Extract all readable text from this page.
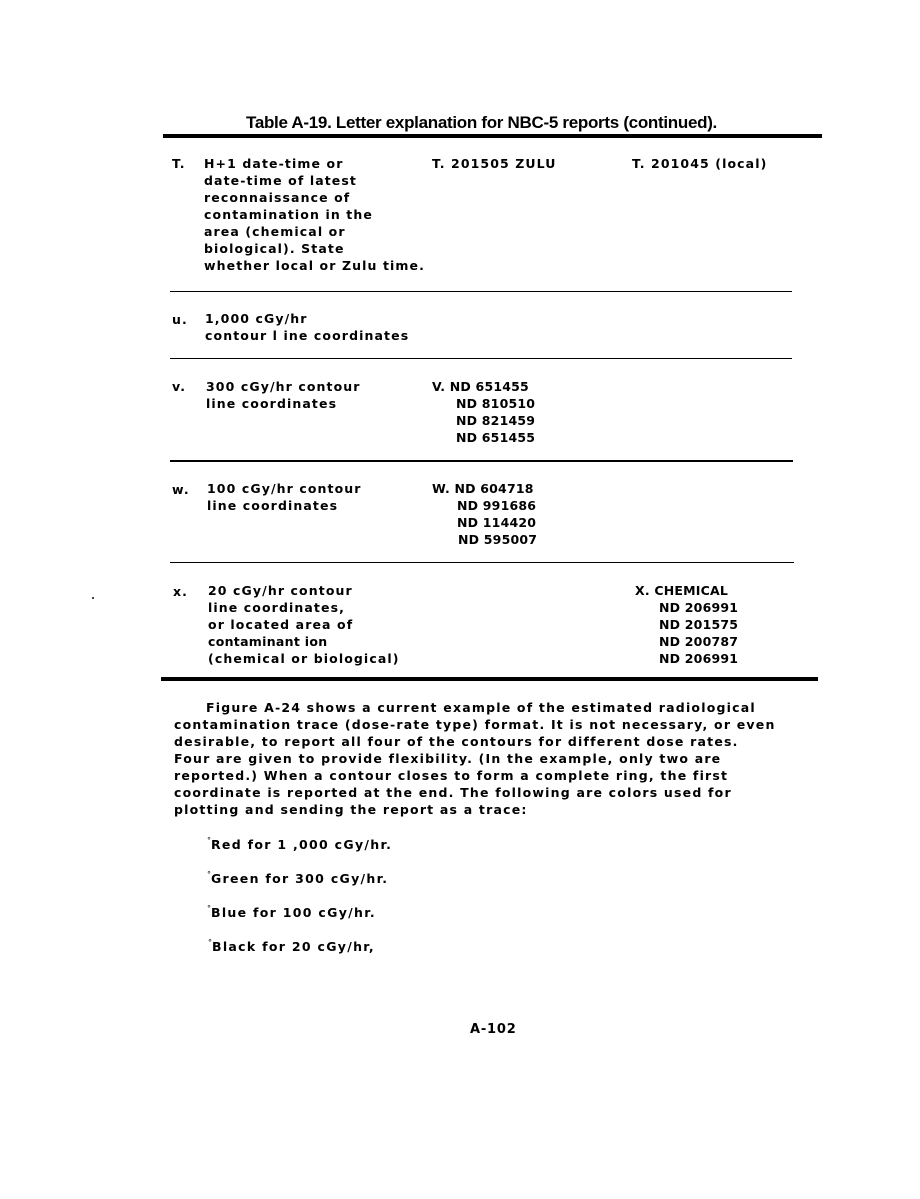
Table A-19. Letter explanation for NBC-5 reports (continued).
T. H+1 date-time or
date-time of latest
reconnaissance of
contamination in the
area (chemical or
biological). State
whether local or Zulu time.
T. 201505 ZULU	T. 201045 (local)
u. 1,000 cGy/hr
contour l ine coordinates
v. 300 cGy/hr contour
line coordinates
V. ND 651455
ND 810510
ND 821459
ND 651455
w. 100 cGy/hr contour
line coordinates
W. ND 604718
ND 991686
ND 114420
ND 595007
x. 20 cGy/hr contour
line coordinates,
or located area of
contaminant ion
(chemical or biological)
X. CHEMICAL
ND 206991
ND 201575
ND 200787
ND 206991
Figure A-24 shows a current example of the estimated radiological
contamination trace (dose-rate type) format. It is not necessary, or even
desirable, to report all four of the contours for different dose rates.
Four are given to provide flexibility. (In the example, only two are
reported.) When a contour closes to form a complete ring, the first
coordinate is reported at the end. The following are colors used for
plotting and sending the report as a trace:
°Red for 1 ,000 cGy/hr.
°Green for 300 cGy/hr.
°Blue for 100 cGy/hr.
°Black for 20 cGy/hr,
A-102
